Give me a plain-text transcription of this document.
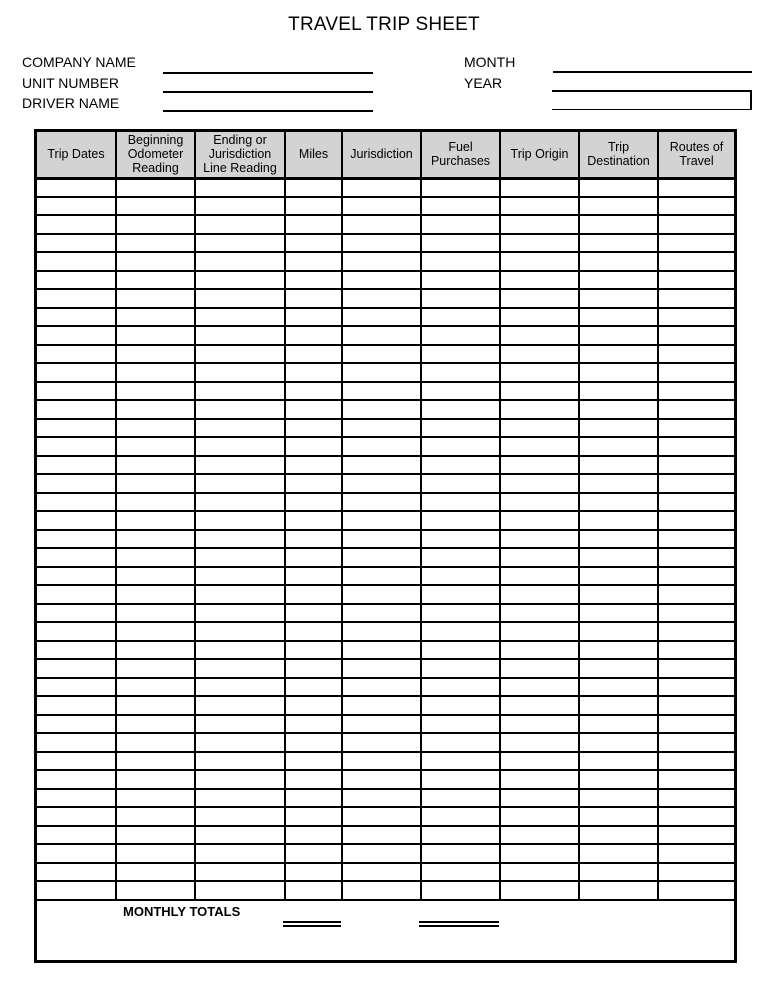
TRAVEL TRIP SHEET
COMPANY NAME
UNIT NUMBER
DRIVER NAME
MONTH
YEAR
Trip Dates	Beginning Odometer Reading	Ending or Jurisdiction Line Reading	Miles	Jurisdiction	Fuel Purchases	Trip Origin	Trip Destination	Routes of Travel

MONTHLY TOTALS
